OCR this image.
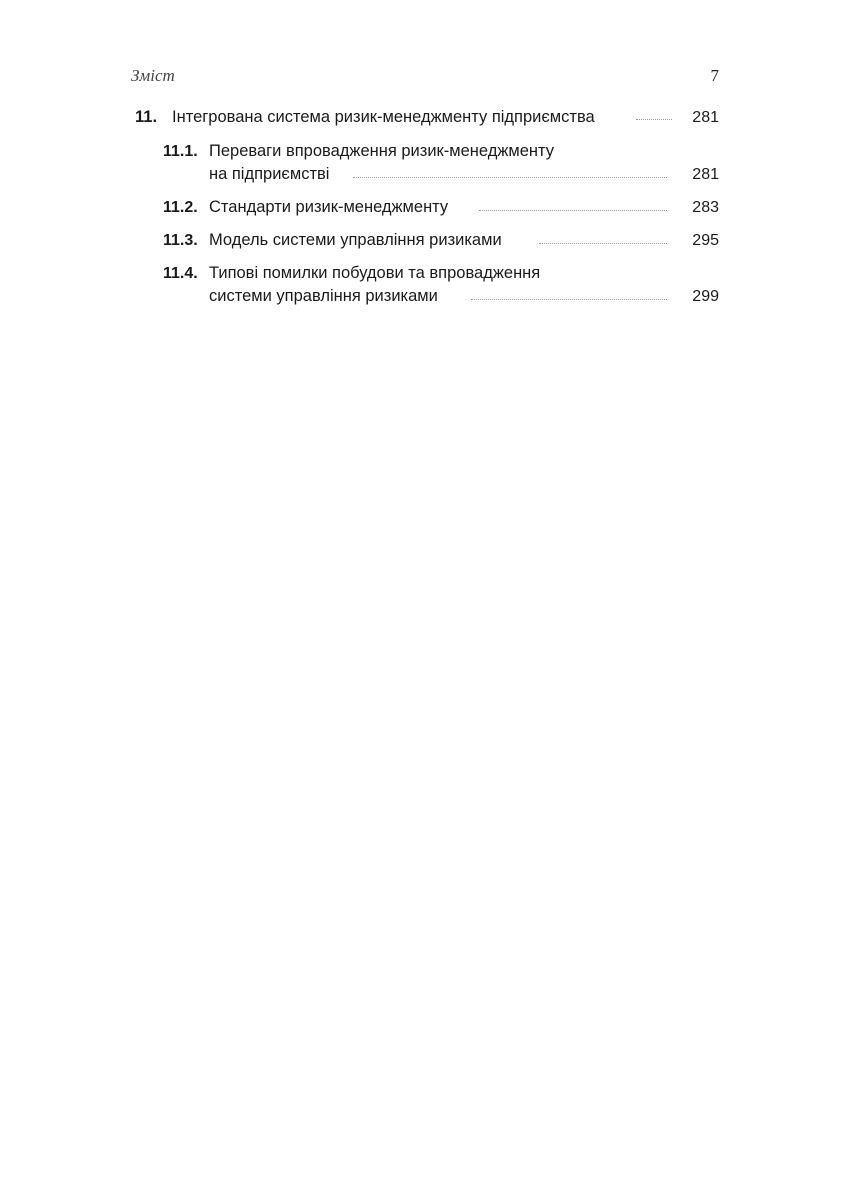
Зміст	7
11. Інтегрована система ризик-менеджменту підприємства	281
11.1. Переваги впровадження ризик-менеджменту
на підприємстві	281
11.2. Стандарти ризик-менеджменту	283
11.3. Модель системи управління ризиками	295
11.4. Типові помилки побудови та впровадження
системи управління ризиками	299
